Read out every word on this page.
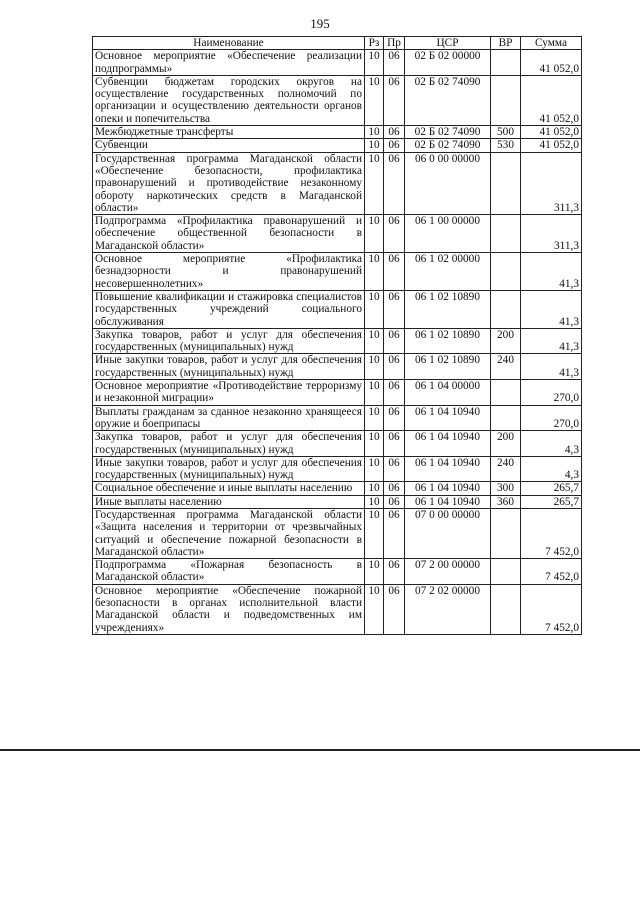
195
Наименование	Рз	Пр	ЦСР	ВР	Сумма
Основное мероприятие «Обеспечение реализации подпрограммы»	10	06	02 Б 02 00000		41 052,0
Субвенции бюджетам городских округов на осуществление государственных полномочий по организации и осуществлению деятельности органов опеки и попечительства	10	06	02 Б 02 74090		41 052,0
Межбюджетные трансферты	10	06	02 Б 02 74090	500	41 052,0
Субвенции	10	06	02 Б 02 74090	530	41 052,0
Государственная программа Магаданской области «Обеспечение безопасности, профилактика правонарушений и противодействие незаконному обороту наркотических средств в Магаданской области»	10	06	06 0 00 00000		311,3
Подпрограмма «Профилактика правонарушений и обеспечение общественной безопасности в Магаданской области»	10	06	06 1 00 00000		311,3
Основное мероприятие «Профилактика безнадзорности и правонарушений несовершеннолетних»	10	06	06 1 02 00000		41,3
Повышение квалификации и стажировка специалистов государственных учреждений социального обслуживания	10	06	06 1 02 10890		41,3
Закупка товаров, работ и услуг для обеспечения государственных (муниципальных) нужд	10	06	06 1 02 10890	200	41,3
Иные закупки товаров, работ и услуг для обеспечения государственных (муниципальных) нужд	10	06	06 1 02 10890	240	41,3
Основное мероприятие «Противодействие терроризму и незаконной миграции»	10	06	06 1 04 00000		270,0
Выплаты гражданам за сданное незаконно хранящееся оружие и боеприпасы	10	06	06 1 04 10940		270,0
Закупка товаров, работ и услуг для обеспечения государственных (муниципальных) нужд	10	06	06 1 04 10940	200	4,3
Иные закупки товаров, работ и услуг для обеспечения государственных (муниципальных) нужд	10	06	06 1 04 10940	240	4,3
Социальное обеспечение и иные выплаты населению	10	06	06 1 04 10940	300	265,7
Иные выплаты населению	10	06	06 1 04 10940	360	265,7
Государственная программа Магаданской области «Защита населения и территории от чрезвычайных ситуаций и обеспечение пожарной безопасности в Магаданской области»	10	06	07 0 00 00000		7 452,0
Подпрограмма «Пожарная безопасность в Магаданской области»	10	06	07 2 00 00000		7 452,0
Основное мероприятие «Обеспечение пожарной безопасности в органах исполнительной власти Магаданской области и подведомственных им учреждениях»	10	06	07 2 02 00000		7 452,0
